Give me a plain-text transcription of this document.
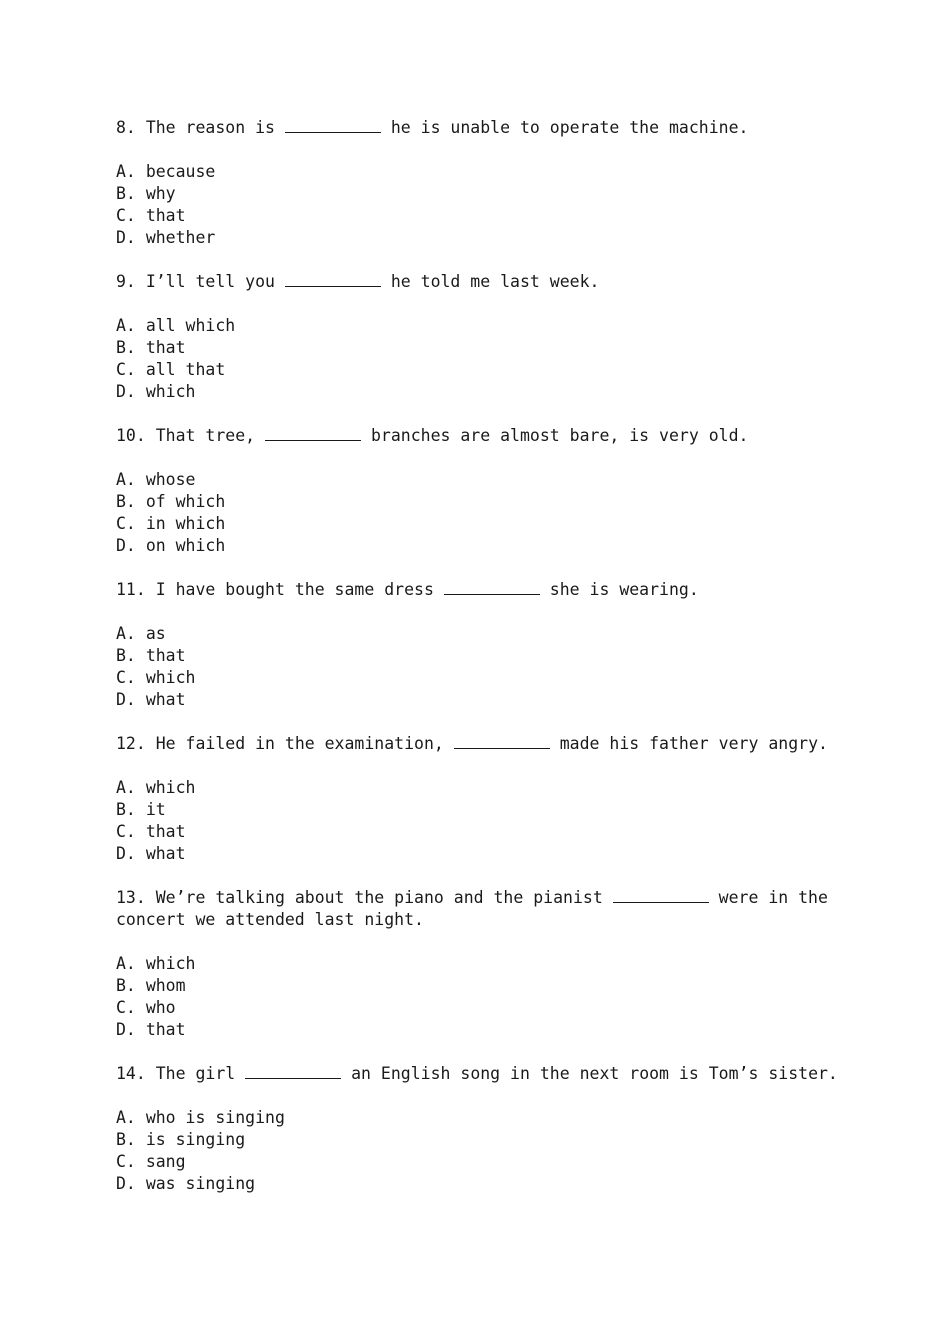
8. The reason is	he is unable to operate the machine.
A. because
B. why
C. that
D. whether
9. I’ll tell you	he told me last week.
A. all which
B. that
C. all that
D. which
10. That tree,	branches are almost bare, is very old.
A. whose
B. of which
C. in which
D. on which
11. I have bought the same dress	she is wearing.
A. as
B. that
C. which
D. what
12. He failed in the examination,	made his father very angry.
A. which
B. it
C. that
D. what
13. We’re talking about the piano and the pianist	were in the concert we attended last night.
A. which
B. whom
C. who
D. that
14. The girl	an English song in the next room is Tom’s sister.
A. who is singing
B. is singing
C. sang
D. was singing
